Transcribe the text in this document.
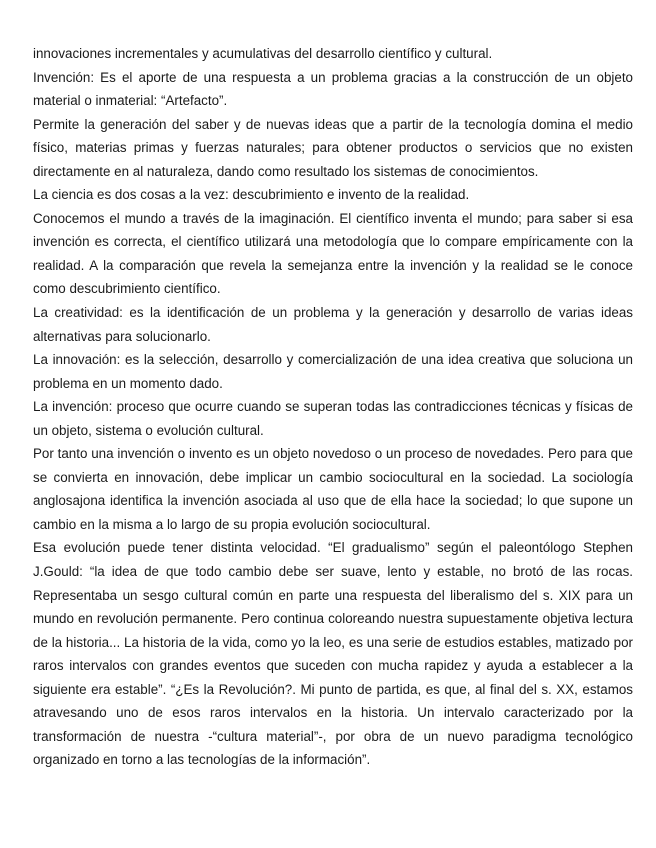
innovaciones incrementales y acumulativas del desarrollo científico y cultural.

Invención: Es el aporte de una respuesta a un problema gracias a la construcción de un objeto material o inmaterial: “Artefacto”.

Permite la generación del saber y de nuevas ideas que a partir de la tecnología domina el medio físico, materias primas y fuerzas naturales; para obtener productos o servicios que no existen directamente en al naturaleza, dando como resultado los sistemas de conocimientos.

La ciencia es dos cosas a la vez: descubrimiento e invento de la realidad.

Conocemos el mundo a través de la imaginación. El científico inventa el mundo; para saber si esa invención es correcta, el científico utilizará una metodología que lo compare empíricamente con la realidad. A la comparación que revela la semejanza entre la invención y la realidad se le conoce como descubrimiento científico.

La creatividad: es la identificación de un problema y la generación y desarrollo de varias ideas alternativas para solucionarlo.

La innovación: es la selección, desarrollo y comercialización de una idea creativa que soluciona un problema en un momento dado.

La invención: proceso que ocurre cuando se superan todas las contradicciones técnicas y físicas de un objeto, sistema o evolución cultural.

Por tanto una invención o invento es un objeto novedoso o un proceso de novedades. Pero para que se convierta en innovación, debe implicar un cambio sociocultural en la sociedad. La sociología anglosajona identifica la invención asociada al uso que de ella hace la sociedad; lo que supone un cambio en la misma a lo largo de su propia evolución sociocultural.

Esa evolución puede tener distinta velocidad. “El gradualismo” según el paleontólogo Stephen J.Gould: “la idea de que todo cambio debe ser suave, lento y estable, no brotó de las rocas. Representaba un sesgo cultural común en parte una respuesta del liberalismo del s. XIX para un mundo en revolución permanente. Pero continua coloreando nuestra supuestamente objetiva lectura de la historia... La historia de la vida, como yo la leo, es una serie de estudios estables, matizado por raros intervalos con grandes eventos que suceden con mucha rapidez y ayuda a establecer a la siguiente era estable”. “¿Es la Revolución?. Mi punto de partida, es que, al final del s. XX, estamos atravesando uno de esos raros intervalos en la historia. Un intervalo caracterizado por la transformación de nuestra -“cultura material”-, por obra de un nuevo paradigma tecnológico organizado en torno a las tecnologías de la información”.
